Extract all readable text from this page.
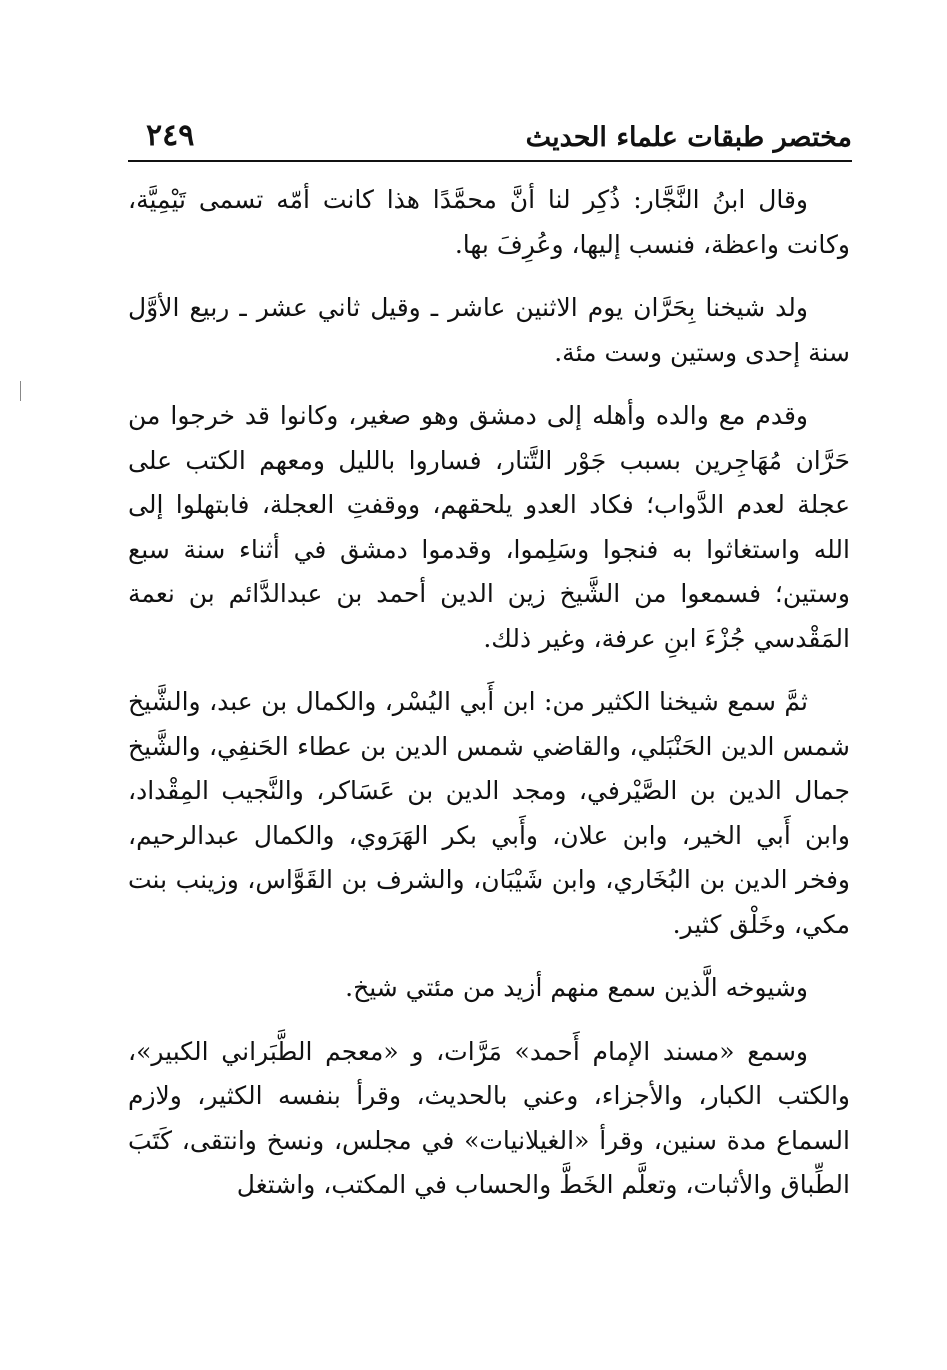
مختصر طبقات علماء الحديث
٢٤٩

وقال ابنُ النَّجَّار: ذُكِر لنا أنَّ محمَّدًا هذا كانت أمّه تسمى تَيْمِيَّة، وكانت واعظة، فنسب إليها، وعُرِفَ بها.

ولد شيخنا بِحَرَّان يوم الاثنين عاشر ـ وقيل ثاني عشر ـ ربيع الأوَّل سنة إحدى وستين وست مئة.

وقدم مع والده وأهله إلى دمشق وهو صغير، وكانوا قد خرجوا من حَرَّان مُهَاجِرين بسبب جَوْر التَّتار، فساروا بالليل ومعهم الكتب على عجلة لعدم الدَّواب؛ فكاد العدو يلحقهم، ووقفتِ العجلة، فابتهلوا إلى الله واستغاثوا به فنجوا وسَلِموا، وقدموا دمشق في أثناء سنة سبع وستين؛ فسمعوا من الشَّيخ زين الدين أحمد بن عبدالدَّائم بن نعمة المَقْدسي جُزْءَ ابنِ عرفة، وغير ذلك.

ثمَّ سمع شيخنا الكثير من: ابن أَبي اليُسْر، والكمال بن عبد، والشَّيخ شمس الدين الحَنْبَلي، والقاضي شمس الدين بن عطاء الحَنفِي، والشَّيخ جمال الدين بن الصَّيْرفي، ومجد الدين بن عَسَاكر، والنَّجيب المِقْداد، وابن أَبي الخير، وابن علان، وأَبي بكر الهَرَوي، والكمال عبدالرحيم، وفخر الدين بن البُخَاري، وابن شَيْبَان، والشرف بن القَوَّاس، وزينب بنت مكي، وخَلْق كثير.

وشيوخه الَّذين سمع منهم أزيد من مئتي شيخ.

وسمع «مسند الإمام أَحمد» مَرَّات، و «معجم الطَّبَراني الكبير»، والكتب الكبار، والأجزاء، وعني بالحديث، وقرأ بنفسه الكثير، ولازم السماع مدة سنين، وقرأ «الغيلانيات» في مجلس، ونسخ وانتقى، كَتَبَ الطِّباق والأثبات، وتعلَّم الخَطَّ والحساب في المكتب، واشتغل
